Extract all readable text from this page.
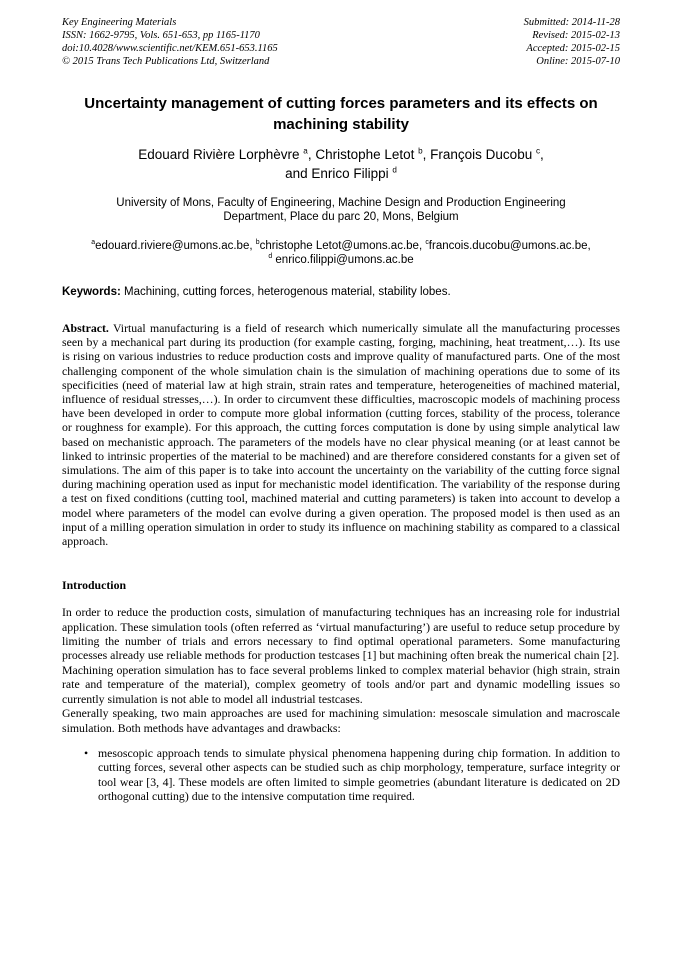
Key Engineering Materials
ISSN: 1662-9795, Vols. 651-653, pp 1165-1170
doi:10.4028/www.scientific.net/KEM.651-653.1165
© 2015 Trans Tech Publications Ltd, Switzerland
Submitted: 2014-11-28
Revised: 2015-02-13
Accepted: 2015-02-15
Online: 2015-07-10
Uncertainty management of cutting forces parameters and its effects on machining stability
Edouard Rivière Lorphèvre $^a$, Christophe Letot $^b$, François Ducobu $^c$,
and Enrico Filippi $^d$
University of Mons, Faculty of Engineering, Machine Design and Production Engineering
Department, Place du parc 20, Mons, Belgium
$^a$edouard.riviere@umons.ac.be, $^b$christophe Letot@umons.ac.be, $^c$francois.ducobu@umons.ac.be,
$^d$ enrico.filippi@umons.ac.be
Keywords: Machining, cutting forces, heterogenous material, stability lobes.

Abstract. Virtual manufacturing is a field of research which numerically simulate all the manufacturing processes seen by a mechanical part during its production (for example casting, forging, machining, heat treatment,…). Its use is rising on various industries to reduce production costs and improve quality of manufactured parts. One of the most challenging component of the whole simulation chain is the simulation of machining operations due to some of its specificities (need of material law at high strain, strain rates and temperature, heterogeneities of machined material, influence of residual stresses,…). In order to circumvent these difficulties, macroscopic models of machining process have been developed in order to compute more global information (cutting forces, stability of the process, tolerance or roughness for example). For this approach, the cutting forces computation is done by using simple analytical law based on mechanistic approach. The parameters of the models have no clear physical meaning (or at least cannot be linked to intrinsic properties of the material to be machined) and are therefore considered constants for a given set of simulations. The aim of this paper is to take into account the uncertainty on the variability of the cutting force signal during machining operation used as input for mechanistic model identification. The variability of the response during a test on fixed conditions (cutting tool, machined material and cutting parameters) is taken into account to develop a model where parameters of the model can evolve during a given operation. The proposed model is then used as an input of a milling operation simulation in order to study its influence on machining stability as compared to a classical approach.

Introduction

In order to reduce the production costs, simulation of manufacturing techniques has an increasing role for industrial application. These simulation tools (often referred as ‘virtual manufacturing’) are useful to reduce setup procedure by limiting the number of trials and errors necessary to find optimal operational parameters. Some manufacturing processes already use reliable methods for production testcases [1] but machining often break the numerical chain [2].

Machining operation simulation has to face several problems linked to complex material behavior (high strain, strain rate and temperature of the material), complex geometry of tools and/or part and dynamic modelling issues so currently simulation is not able to model all industrial testcases.

Generally speaking, two main approaches are used for machining simulation: mesoscale simulation and macroscale simulation. Both methods have advantages and drawbacks:

• mesoscopic approach tends to simulate physical phenomena happening during chip formation. In addition to cutting forces, several other aspects can be studied such as chip morphology, temperature, surface integrity or tool wear [3, 4]. These models are often limited to simple geometries (abundant literature is dedicated on 2D orthogonal cutting) due to the intensive computation time required.
